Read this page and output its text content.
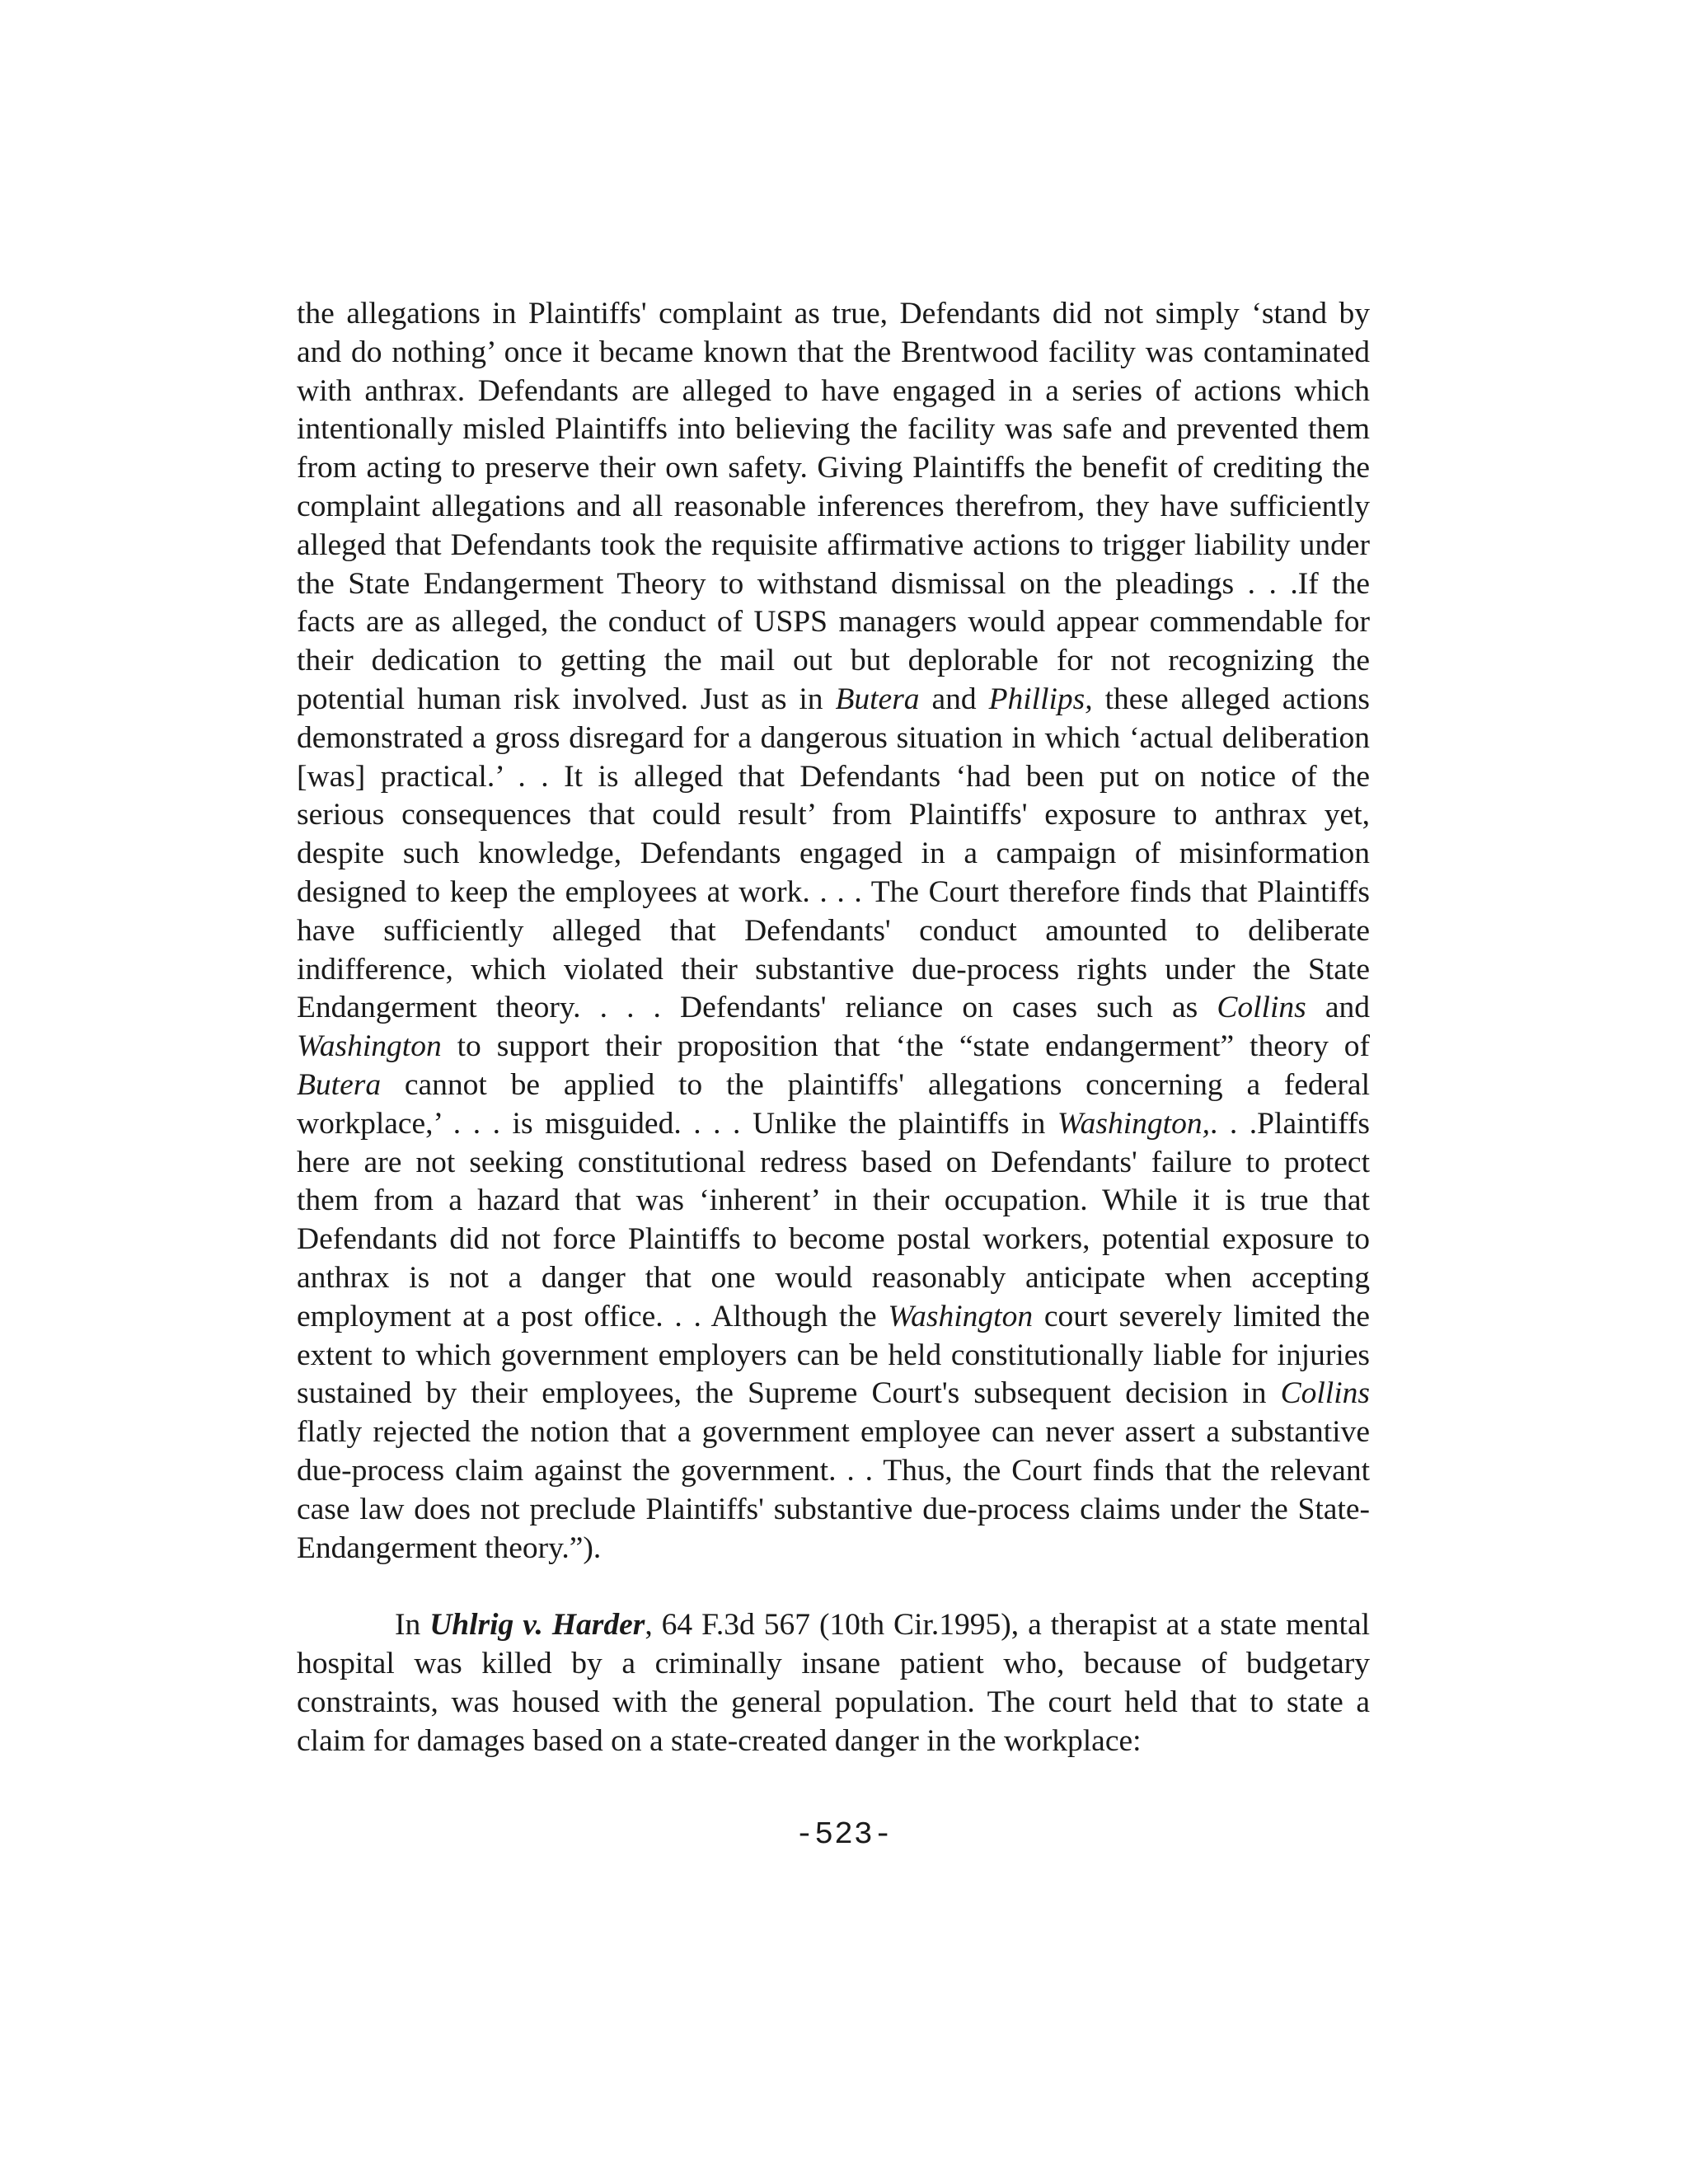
the allegations in Plaintiffs' complaint as true, Defendants did not simply ‘stand by
and do nothing’ once it became known that the Brentwood facility was contaminated
with anthrax. Defendants are alleged to have engaged in a series of actions which
intentionally misled Plaintiffs into believing the facility was safe and prevented them
from acting to preserve their own safety. Giving Plaintiffs the benefit of crediting the
complaint allegations and all reasonable inferences therefrom, they have sufficiently
alleged that Defendants took the requisite affirmative actions to trigger liability under
the State Endangerment Theory to withstand dismissal on the pleadings . . .If the
facts are as alleged, the conduct of USPS managers would appear commendable for
their dedication to getting the mail out but deplorable for not recognizing the
potential human risk involved. Just as in Butera and Phillips, these alleged actions
demonstrated a gross disregard for a dangerous situation in which ‘actual deliberation
[was] practical.’ . . It is alleged that Defendants ‘had been put on notice of the
serious consequences that could result’ from Plaintiffs' exposure to anthrax yet,
despite such knowledge, Defendants engaged in a campaign of misinformation
designed to keep the employees at work. . . . The Court therefore finds that Plaintiffs
have sufficiently alleged that Defendants' conduct amounted to deliberate
indifference, which violated their substantive due-process rights under the State
Endangerment theory. . . . Defendants' reliance on cases such as Collins and
Washington to support their proposition that ‘the “state endangerment” theory of
Butera cannot be applied to the plaintiffs' allegations concerning a federal
workplace,’ . . . is misguided. . . . Unlike the plaintiffs in Washington,. . .Plaintiffs
here are not seeking constitutional redress based on Defendants' failure to protect
them from a hazard that was ‘inherent’ in their occupation. While it is true that
Defendants did not force Plaintiffs to become postal workers, potential exposure to
anthrax is not a danger that one would reasonably anticipate when accepting
employment at a post office. . . Although the Washington court severely limited the
extent to which government employers can be held constitutionally liable for injuries
sustained by their employees, the Supreme Court's subsequent decision in Collins
flatly rejected the notion that a government employee can never assert a substantive
due-process claim against the government. . . Thus, the Court finds that the relevant
case law does not preclude Plaintiffs' substantive due-process claims under the State-
Endangerment theory.”).
In Uhlrig v. Harder, 64 F.3d 567 (10th Cir.1995), a therapist at a state mental
hospital was killed by a criminally insane patient who, because of budgetary
constraints, was housed with the general population. The court held that to state a
claim for damages based on a state-created danger in the workplace:
-523-
